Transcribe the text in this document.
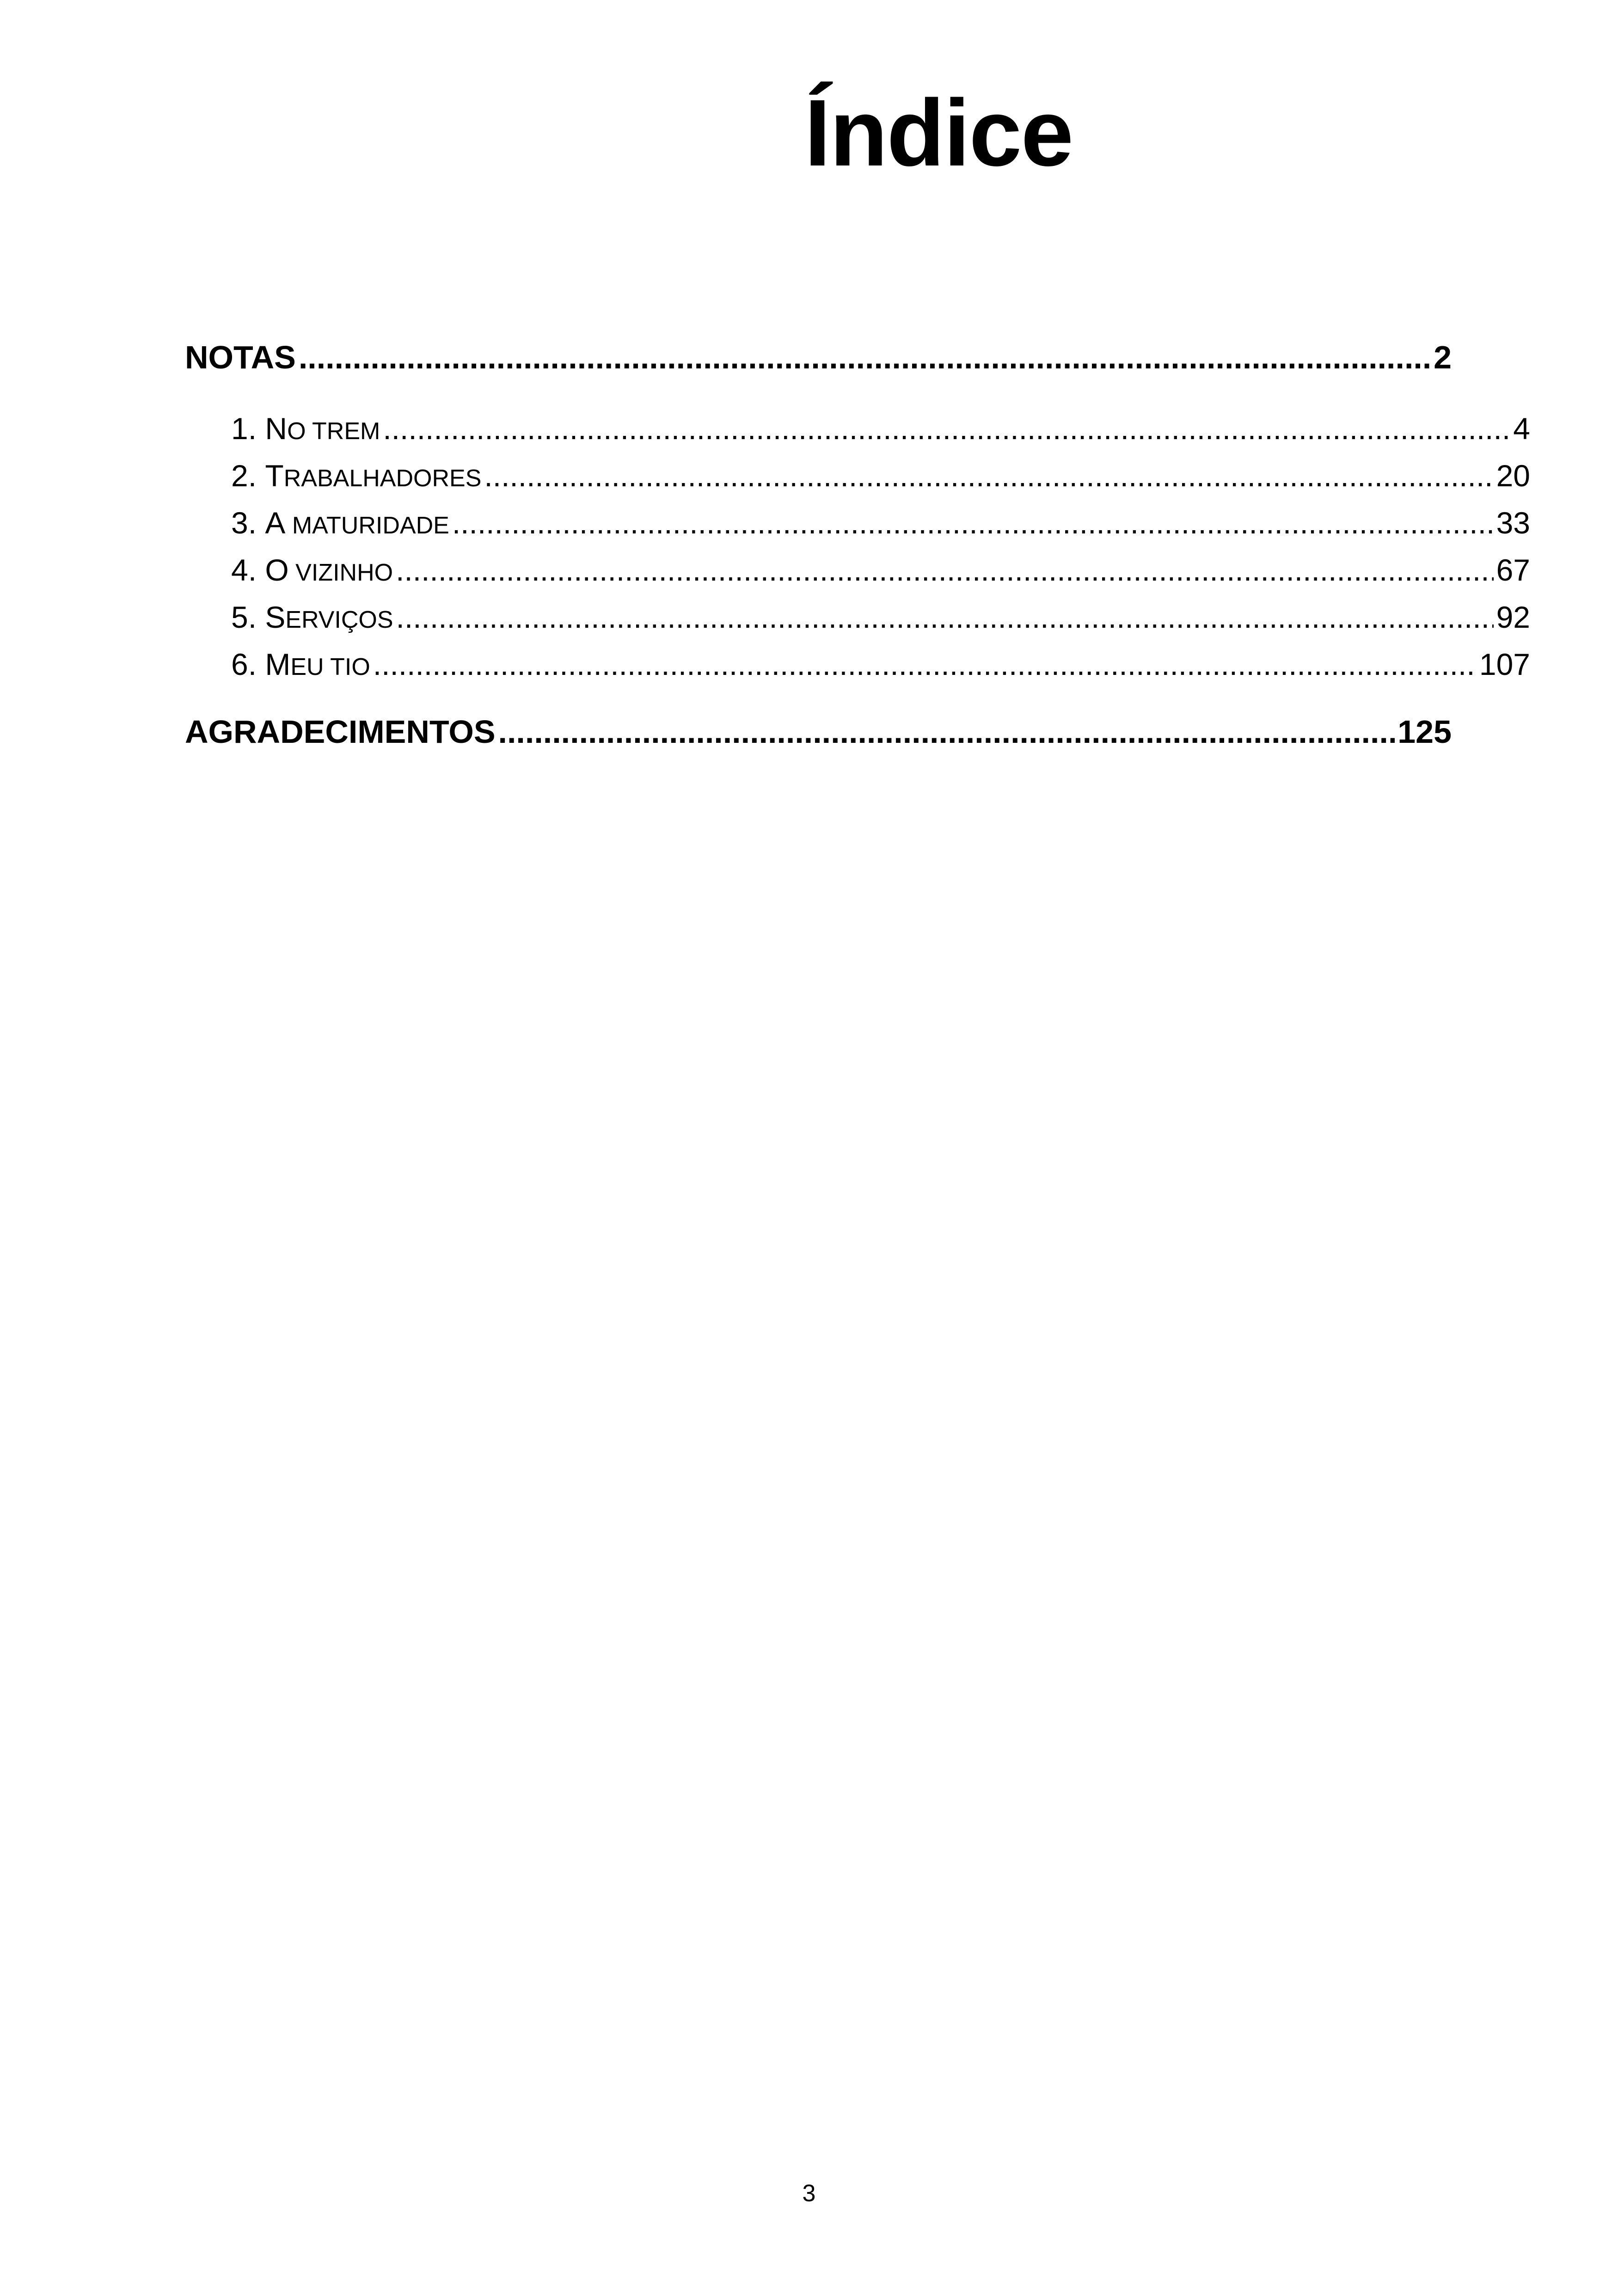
Índice
NOTAS .....	2
1. NO TREM .....	4
2. TRABALHADORES .....	20
3. A MATURIDADE .....	33
4. O VIZINHO .....	67
5. SERVIÇOS .....	92
6. MEU TIO .....	107
AGRADECIMENTOS .....	125
3
